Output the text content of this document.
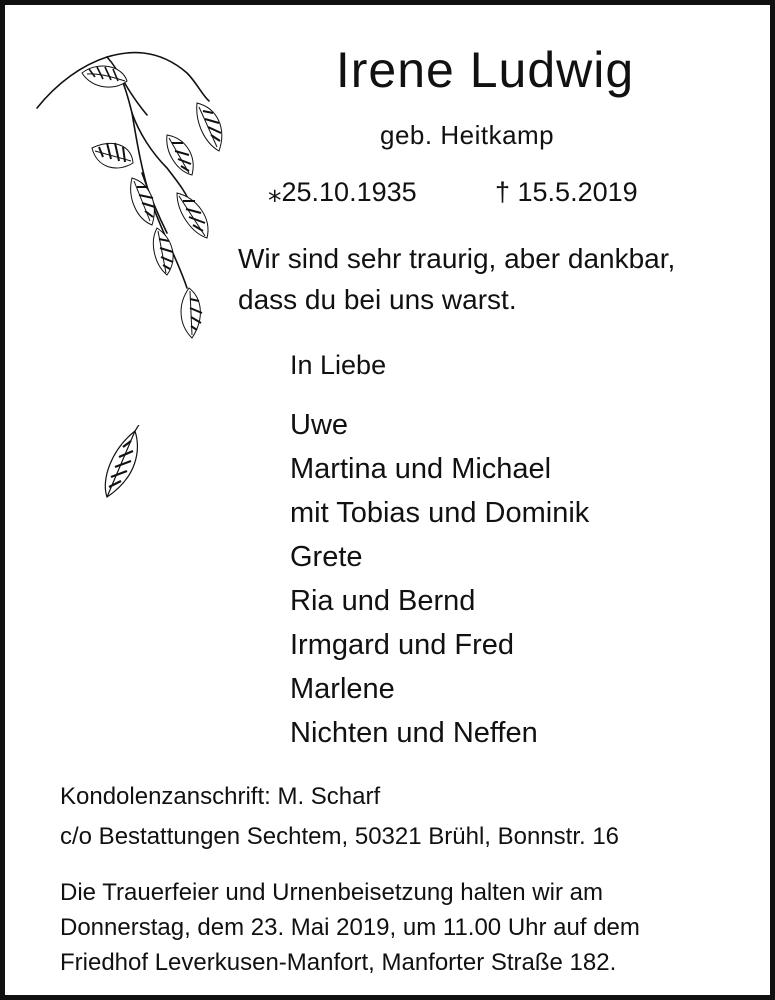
Irene Ludwig
geb. Heitkamp
⁎25.10.1935	† 15.5.2019
Wir sind sehr traurig, aber dankbar,
dass du bei uns warst.
In Liebe
Uwe
Martina und Michael
mit Tobias und Dominik
Grete
Ria und Bernd
Irmgard und Fred
Marlene
Nichten und Neffen
Kondolenzanschrift: M. Scharf
c/o Bestattungen Sechtem, 50321 Brühl, Bonnstr. 16
Die Trauerfeier und Urnenbeisetzung halten wir am
Donnerstag, dem 23. Mai 2019, um 11.00 Uhr auf dem
Friedhof Leverkusen-Manfort, Manforter Straße 182.
